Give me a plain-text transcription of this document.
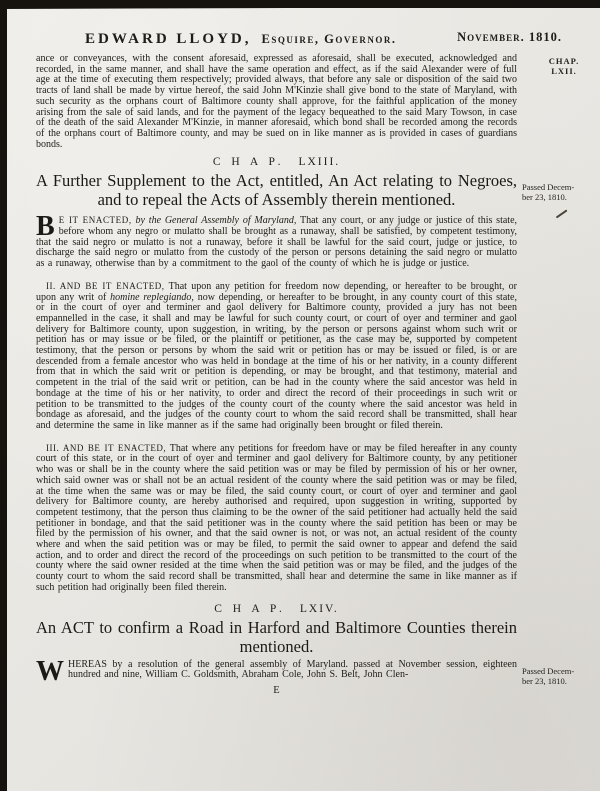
EDWARD LLOYD, Esquire, Governor.	November. 1810.
CHAP.
LXII.
Passed Decem-
ber 23, 1810.
Passed Decem-
ber 23, 1810.
ance or conveyances, with the consent aforesaid, expressed as aforesaid, shall be executed, acknowledged and recorded, in the same manner, and shall have the same operation and effect, as if the said Alexander were of full age at the time of executing them respectively; provided always, that before any sale or disposition of the said two tracts of land shall be made by virtue hereof, the said John M'Kinzie shall give bond to the state of Maryland, with such security as the orphans court of Baltimore county shall approve, for the faithful application of the money arising from the sale of said lands, and for the payment of the legacy bequeathed to the said Mary Towson, in case of the death of the said Alexander M'Kinzie, in manner aforesaid, which bond shall be recorded among the records of the orphans court of Baltimore county, and may be sued on in like manner as is provided in cases of guardians bonds.
C H A P. LXIII.
A Further Supplement to the Act, entitled, An Act relating to Negroes, and to repeal the Acts of Assembly therein mentioned.
B E IT ENACTED, by the General Assembly of Maryland, That any court, or any judge or justice of this state, before whom any negro or mulatto shall be brought as a runaway, shall be satisfied, by competent testimony, that the said negro or mulatto is not a runaway, before it shall be lawful for the said court, judge or justice, to discharge the said negro or mulatto from the custody of the person or persons detaining the said negro or mulatto as a runaway, otherwise than by a commitment to the gaol of the county of which he is judge or justice.
II. AND BE IT ENACTED, That upon any petition for freedom now depending, or hereafter to be brought, or upon any writ of homine replegiando, now depending, or hereafter to be brought, in any county court of this state, or in the court of oyer and terminer and gaol delivery for Baltimore county, provided a jury has not been empannelled in the case, it shall and may be lawful for such county court, or court of oyer and terminer and gaol delivery for Baltimore county, upon suggestion, in writing, by the person or persons against whom such writ or petition has or may issue or be filed, or the plaintiff or petitioner, as the case may be, supported by competent testimony, that the person or persons by whom the said writ or petition has or may be issued or filed, is or are descended from a female ancestor who was held in bondage at the time of his or her nativity, in a county different from that in which the said writ or petition is depending, or may be brought, and that testimony, material and competent in the trial of the said writ or petition, can be had in the county where the said ancestor was held in bondage at the time of his or her nativity, to order and direct the record of their proceedings in such writ or petition to be transmitted to the judges of the county court of the county where the said ancestor was held in bondage as aforesaid, and the judges of the county court to whom the said record shall be transmitted, shall hear and determine the same in like manner as if the same had originally been brought or filed therein.
III. AND BE IT ENACTED, That where any petitions for freedom have or may be filed hereafter in any county court of this state, or in the court of oyer and terminer and gaol delivery for Baltimore county, by any petitioner who was or shall be in the county where the said petition was or may be filed by permission of his or her owner, which said owner was or shall not be an actual resident of the county where the said petition was or may be filed, at the time when the same was or may be filed, the said county court, or court of oyer and terminer and gaol delivery for Baltimore county, are hereby authorised and required, upon suggestion in writing, supported by competent testimony, that the person thus claiming to be the owner of the said petitioner had actually held the said petitioner in bondage, and that the said petitioner was in the county where the said petition has been or may be filed by the permission of his owner, and that the said owner is not, or was not, an actual resident of the county where and when the said petition was or may be filed, to permit the said owner to appear and defend the said action, and to order and direct the record of the proceedings on such petition to be transmitted to the court of the county where the said owner resided at the time when the said petition was or may be filed, and the judges of the county court to whom the said record shall be transmitted, shall hear and determine the same in like manner as if such petition had originally been filed therein.
C H A P. LXIV.
An ACT to confirm a Road in Harford and Baltimore Counties therein mentioned.
WHEREAS by a resolution of the general assembly of Maryland. passed at November session, eighteen hundred and nine, William C. Goldsmith, Abraham Cole, John S. Belt, John Clen-
E
